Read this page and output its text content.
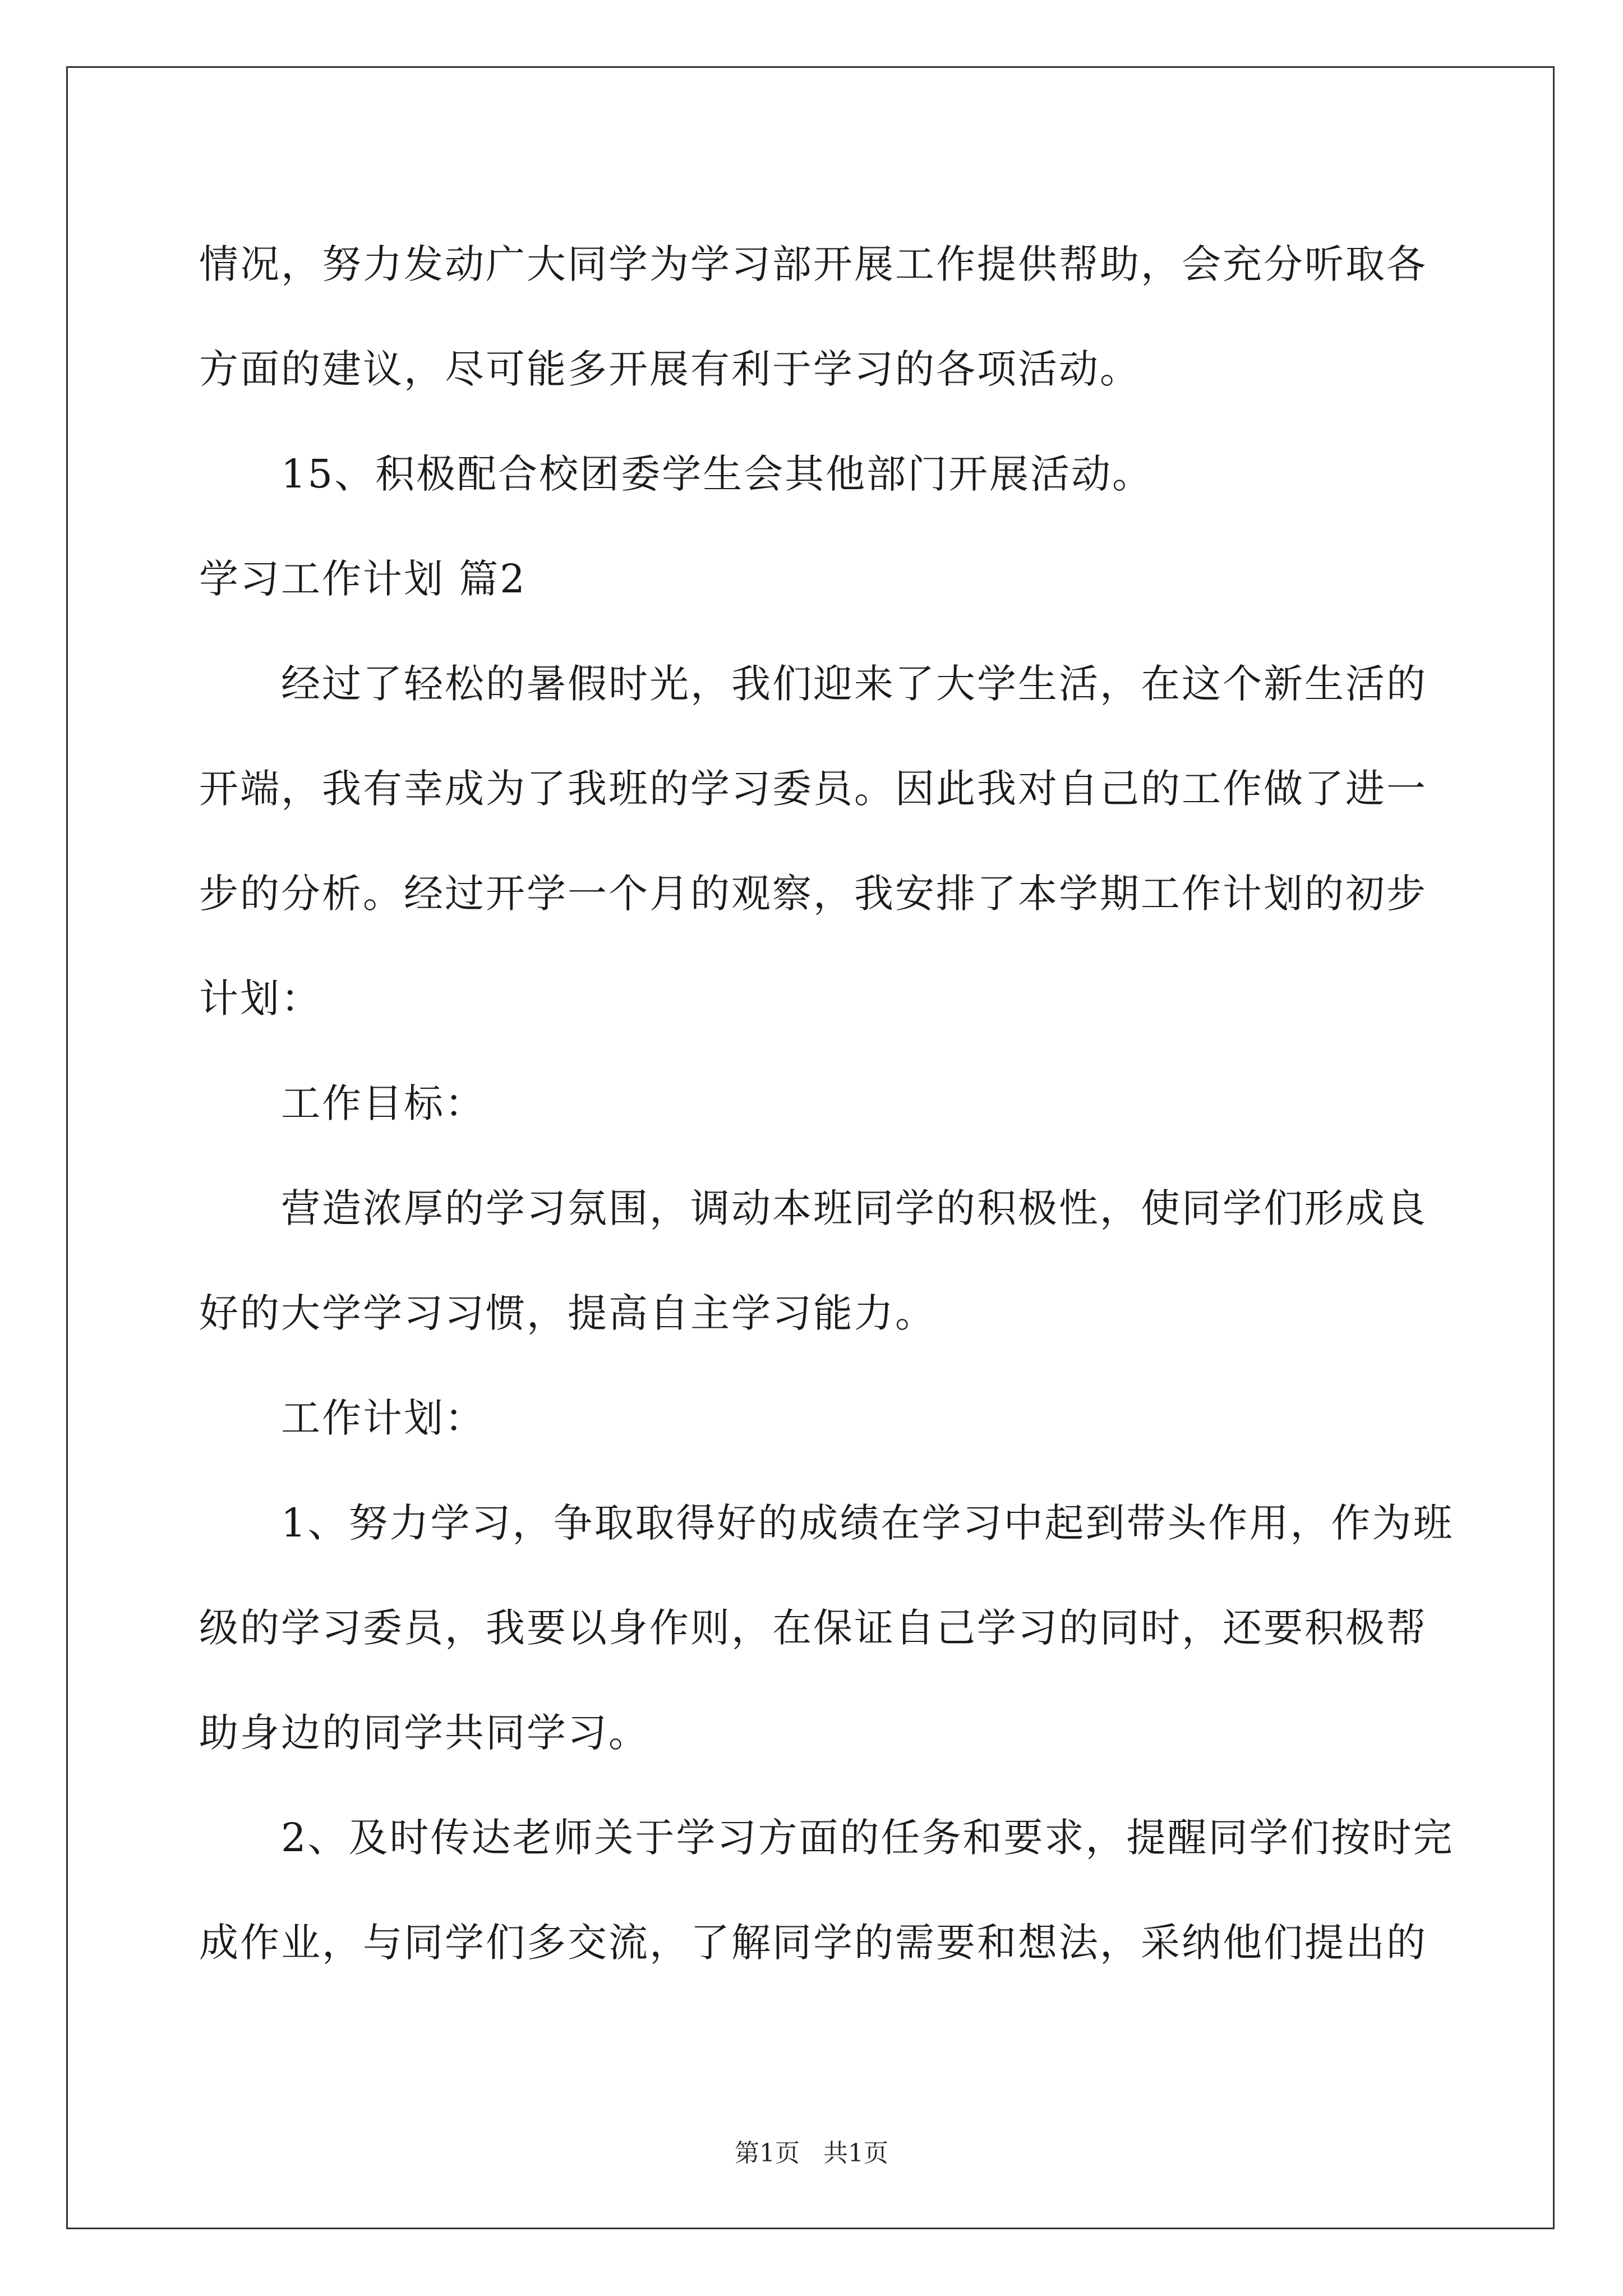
情况，努力发动广大同学为学习部开展工作提供帮助，会充分听取各
方面的建议，尽可能多开展有利于学习的各项活动。

15、积极配合校团委学生会其他部门开展活动。

学习工作计划 篇2

经过了轻松的暑假时光，我们迎来了大学生活，在这个新生活的
开端，我有幸成为了我班的学习委员。因此我对自己的工作做了进一
步的分析。经过开学一个月的观察，我安排了本学期工作计划的初步
计划：

工作目标：

营造浓厚的学习氛围，调动本班同学的积极性，使同学们形成良
好的大学学习习惯，提高自主学习能力。

工作计划：

1、努力学习，争取取得好的成绩在学习中起到带头作用，作为班
级的学习委员，我要以身作则，在保证自己学习的同时，还要积极帮
助身边的同学共同学习。

2、及时传达老师关于学习方面的任务和要求，提醒同学们按时完
成作业，与同学们多交流，了解同学的需要和想法，采纳他们提出的

第1页 共1页
